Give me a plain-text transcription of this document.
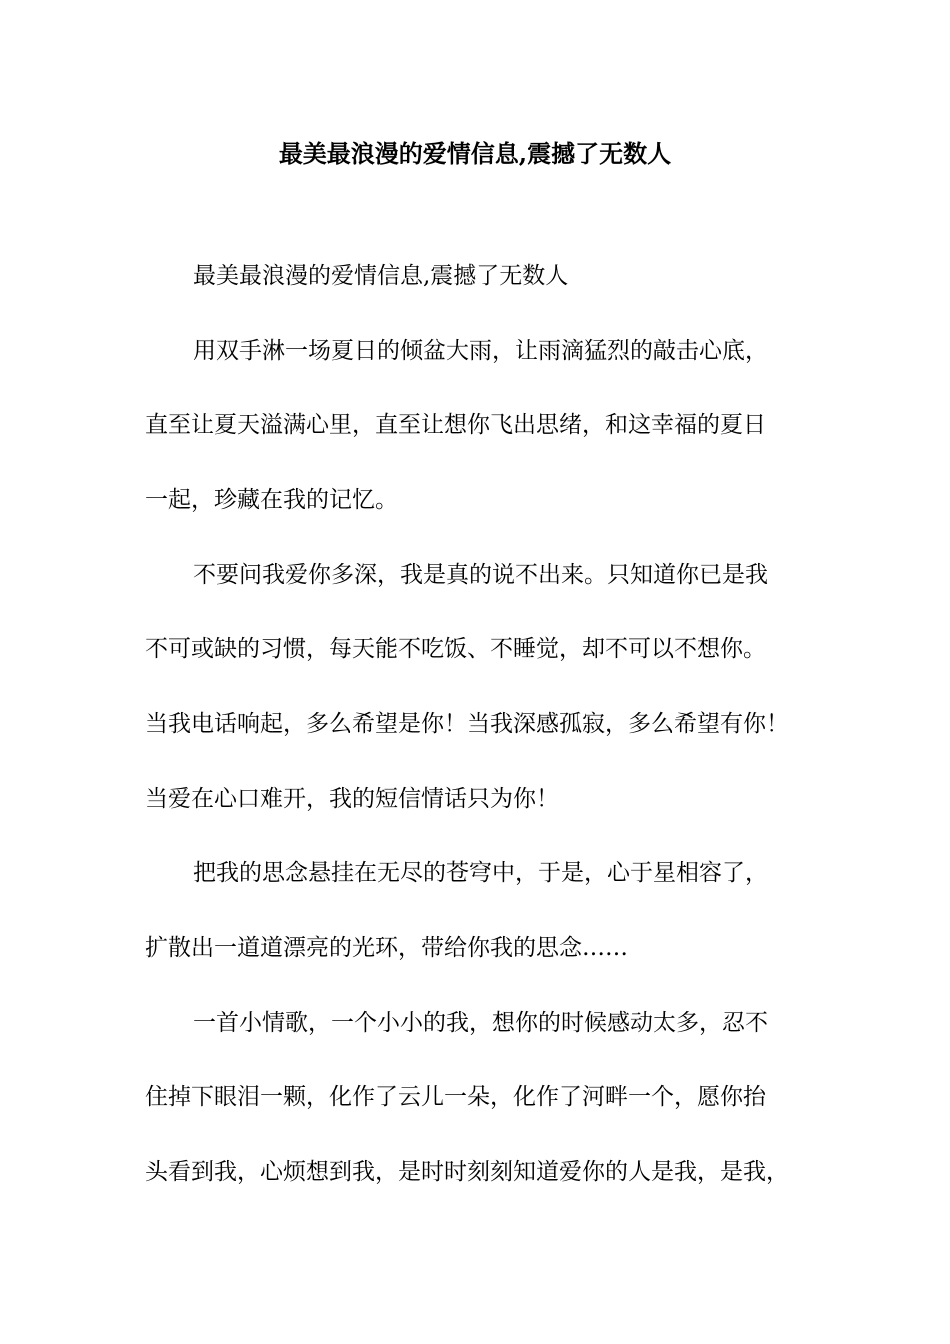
最美最浪漫的爱情信息,震撼了无数人

最美最浪漫的爱情信息,震撼了无数人

用双手淋一场夏日的倾盆大雨，让雨滴猛烈的敲击心底，

直至让夏天溢满心里，直至让想你飞出思绪，和这幸福的夏日

一起，珍藏在我的记忆。

不要问我爱你多深，我是真的说不出来。只知道你已是我

不可或缺的习惯，每天能不吃饭、不睡觉，却不可以不想你。

当我电话响起，多么希望是你！当我深感孤寂，多么希望有你！

当爱在心口难开，我的短信情话只为你！

把我的思念悬挂在无尽的苍穹中，于是，心于星相容了，

扩散出一道道漂亮的光环，带给你我的思念……

一首小情歌，一个小小的我，想你的时候感动太多，忍不

住掉下眼泪一颗，化作了云儿一朵，化作了河畔一个，愿你抬

头看到我，心烦想到我，是时时刻刻知道爱你的人是我，是我，
